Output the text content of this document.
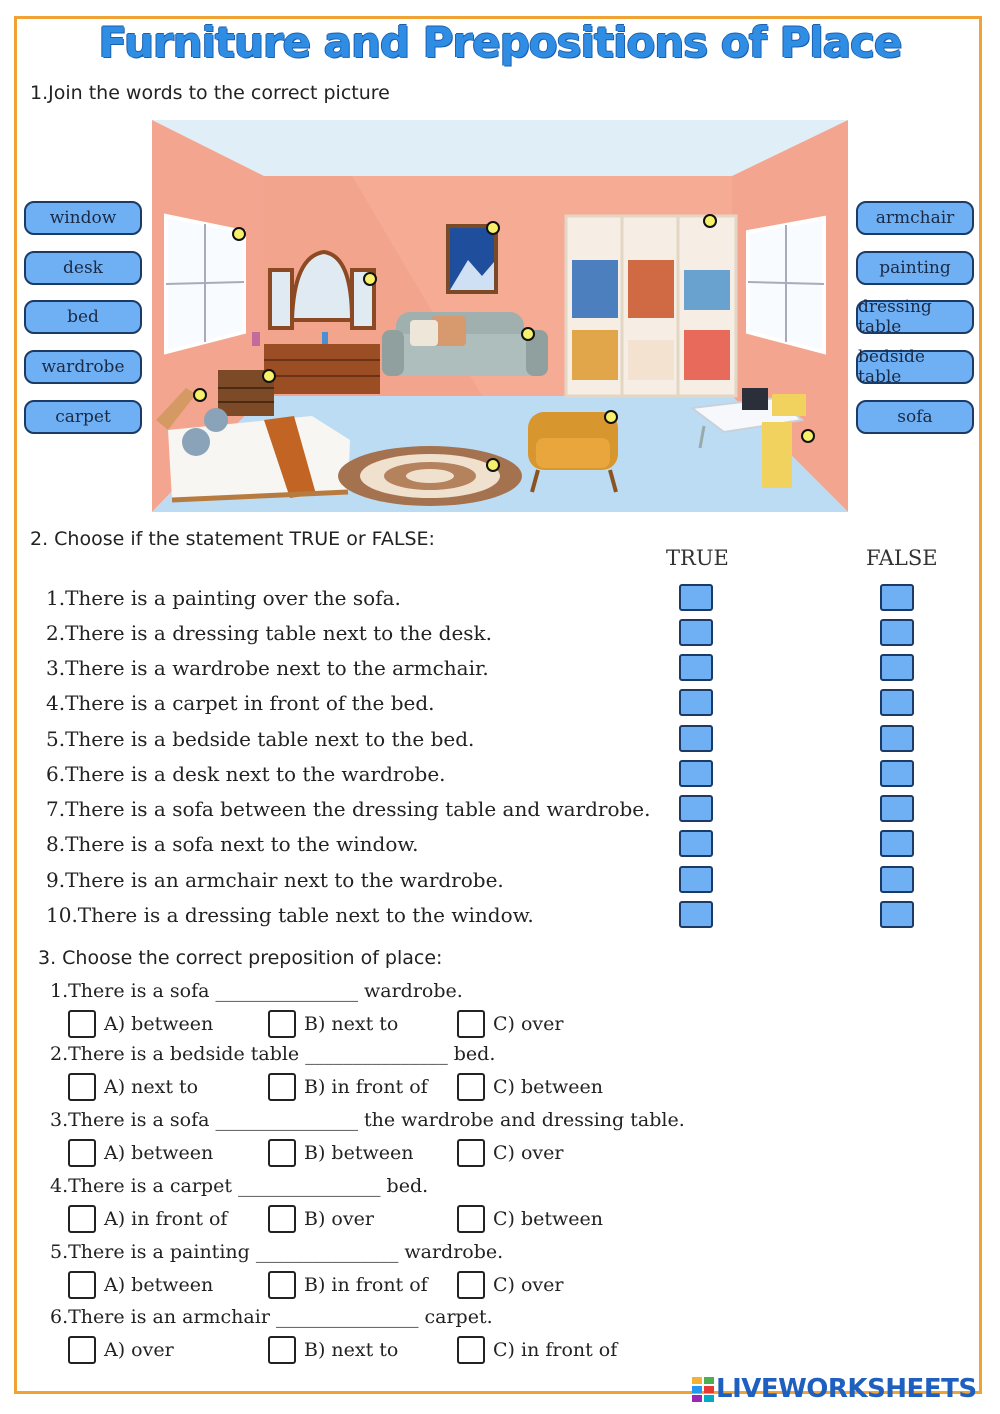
Furniture and Prepositions of Place
1.Join the words to the correct picture
window
desk
bed
wardrobe
carpet
armchair
painting
dressing table
bedside table
sofa
2. Choose if the statement TRUE or FALSE:
TRUE	FALSE
1.There is a painting over the sofa.
2.There is a dressing table next to the desk.
3.There is a wardrobe next to the armchair.
4.There is a carpet in front of the bed.
5.There is a bedside table next to the bed.
6.There is a desk next to the wardrobe.
7.There is a sofa between the dressing table and wardrobe.
8.There is a sofa next to the window.
9.There is an armchair next to the wardrobe.
10.There is a dressing table next to the window.
3. Choose the correct preposition of place:
1.There is a sofa _______________ wardrobe.
A) between	B) next to	C) over
2.There is a bedside table _______________ bed.
A) next to	B) in front of	C) between
3.There is a sofa _______________ the wardrobe and dressing table.
A) between	B) between	C) over
4.There is a carpet _______________ bed.
A) in front of	B) over	C) between
5.There is a painting _______________ wardrobe.
A) between	B) in front of	C) over
6.There is an armchair _______________ carpet.
A) over	B) next to	C) in front of
LIVEWORKSHEETS
